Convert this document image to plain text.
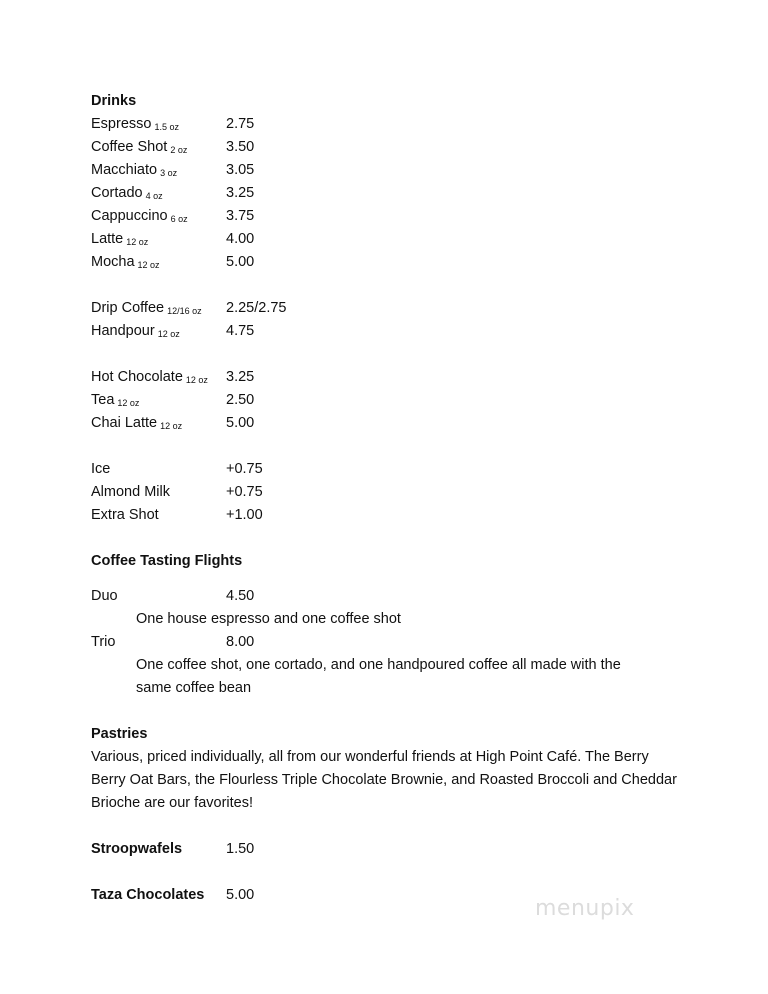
Drinks
Espresso 1.5 oz	2.75
Coffee Shot 2 oz	3.50
Macchiato 3 oz	3.05
Cortado 4 oz	3.25
Cappuccino 6 oz	3.75
Latte 12 oz	4.00
Mocha 12 oz	5.00
Drip Coffee 12/16 oz 2.25/2.75
Handpour 12 oz	4.75
Hot Chocolate 12 oz 3.25
Tea 12 oz	2.50
Chai Latte 12 oz	5.00
Ice	+0.75
Almond Milk	+0.75
Extra Shot	+1.00
Coffee Tasting Flights
Duo	4.50
One house espresso and one coffee shot
Trio	8.00
One coffee shot, one cortado, and one handpoured coffee all made with the same coffee bean
Pastries
Various, priced individually, all from our wonderful friends at High Point Café. The Berry Berry Oat Bars, the Flourless Triple Chocolate Brownie, and Roasted Broccoli and Cheddar Brioche are our favorites!
Stroopwafels	1.50
Taza Chocolates 5.00
menupix
